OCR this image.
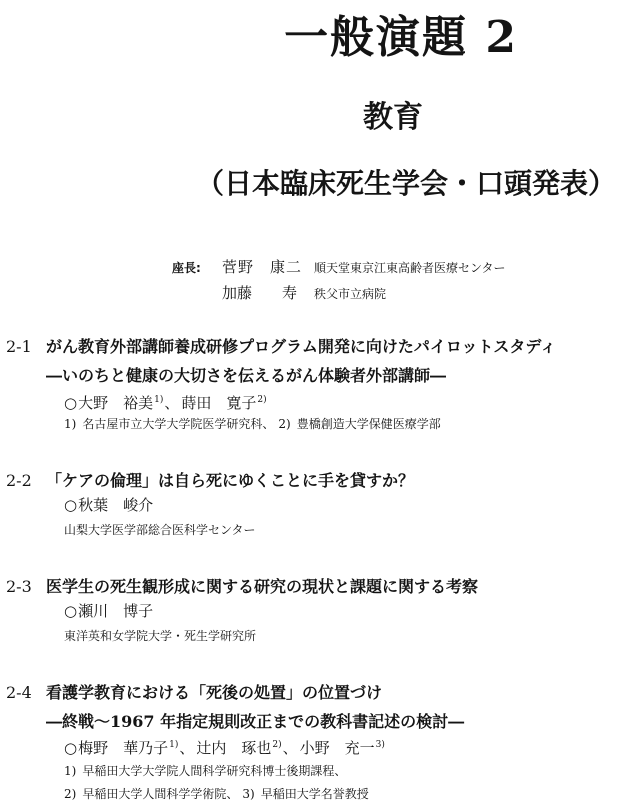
一般演題 2
教育
（日本臨床死生学会・口頭発表）
座長:	菅野　康二 順天堂東京江東高齢者医療センター
加藤　　寿	秩父市立病院
2-1 がん教育外部講師養成研修プログラム開発に向けたパイロットスタディ
―いのちと健康の大切さを伝えるがん体験者外部講師―
○大野　裕美$^{1)}$、 蒔田　寛子$^{2)}$
1) 名古屋市立大学大学院医学研究科、 2) 豊橋創造大学保健医療学部
2-2 「ケアの倫理」は自ら死にゆくことに手を貸すか？
○秋葉　峻介
山梨大学医学部総合医科学センター
2-3 医学生の死生観形成に関する研究の現状と課題に関する考察
○瀬川　博子
東洋英和女学院大学・死生学研究所
2-4 看護学教育における「死後の処置」の位置づけ
―終戦～1967 年指定規則改正までの教科書記述の検討―
○梅野　華乃子$^{1)}$、 辻内　琢也$^{2)}$、 小野　充一$^{3)}$
1) 早稲田大学大学院人間科学研究科博士後期課程、
2) 早稲田大学人間科学学術院、 3) 早稲田大学名誉教授
